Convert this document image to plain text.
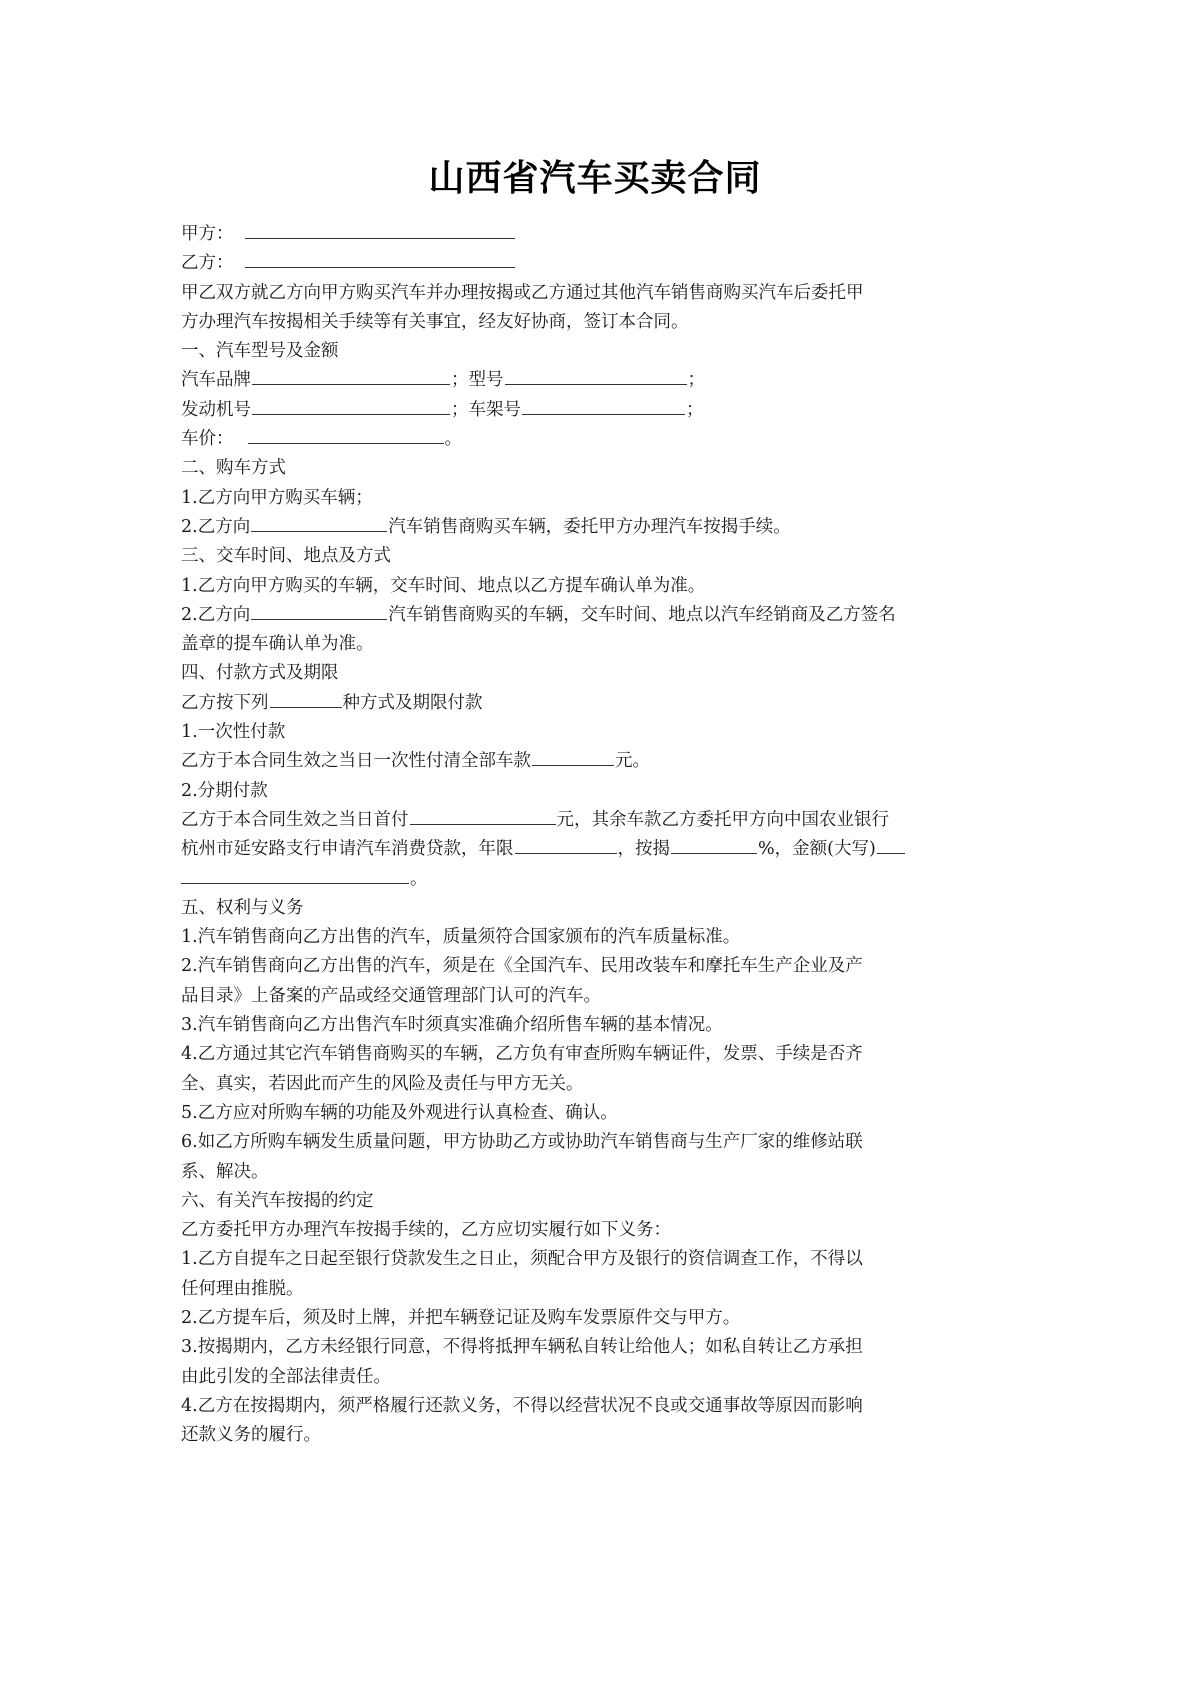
山西省汽车买卖合同
甲方：
乙方：
甲乙双方就乙方向甲方购买汽车并办理按揭或乙方通过其他汽车销售商购买汽车后委托甲
方办理汽车按揭相关手续等有关事宜，经友好协商，签订本合同。
一、汽车型号及金额
汽车品牌	；型号	；
发动机号	；车架号	；
车价：	。
二、购车方式
1.乙方向甲方购买车辆；
2.乙方向	汽车销售商购买车辆，委托甲方办理汽车按揭手续。
三、交车时间、地点及方式
1.乙方向甲方购买的车辆，交车时间、地点以乙方提车确认单为准。
2.乙方向	汽车销售商购买的车辆，交车时间、地点以汽车经销商及乙方签名
盖章的提车确认单为准。
四、付款方式及期限
乙方按下列	种方式及期限付款
1.一次性付款
乙方于本合同生效之当日一次性付清全部车款	元。
2.分期付款
乙方于本合同生效之当日首付	元，其余车款乙方委托甲方向中国农业银行
杭州市延安路支行申请汽车消费贷款，年限	，按揭	%，金额(大写)
。
五、权利与义务
1.汽车销售商向乙方出售的汽车，质量须符合国家颁布的汽车质量标准。
2.汽车销售商向乙方出售的汽车，须是在《全国汽车、民用改装车和摩托车生产企业及产
品目录》上备案的产品或经交通管理部门认可的汽车。
3.汽车销售商向乙方出售汽车时须真实准确介绍所售车辆的基本情况。
4.乙方通过其它汽车销售商购买的车辆，乙方负有审查所购车辆证件，发票、手续是否齐
全、真实，若因此而产生的风险及责任与甲方无关。
5.乙方应对所购车辆的功能及外观进行认真检查、确认。
6.如乙方所购车辆发生质量问题，甲方协助乙方或协助汽车销售商与生产厂家的维修站联
系、解决。
六、有关汽车按揭的约定
乙方委托甲方办理汽车按揭手续的，乙方应切实履行如下义务：
1.乙方自提车之日起至银行贷款发生之日止，须配合甲方及银行的资信调查工作，不得以
任何理由推脱。
2.乙方提车后，须及时上牌，并把车辆登记证及购车发票原件交与甲方。
3.按揭期内，乙方未经银行同意，不得将抵押车辆私自转让给他人；如私自转让乙方承担
由此引发的全部法律责任。
4.乙方在按揭期内，须严格履行还款义务，不得以经营状况不良或交通事故等原因而影响
还款义务的履行。
